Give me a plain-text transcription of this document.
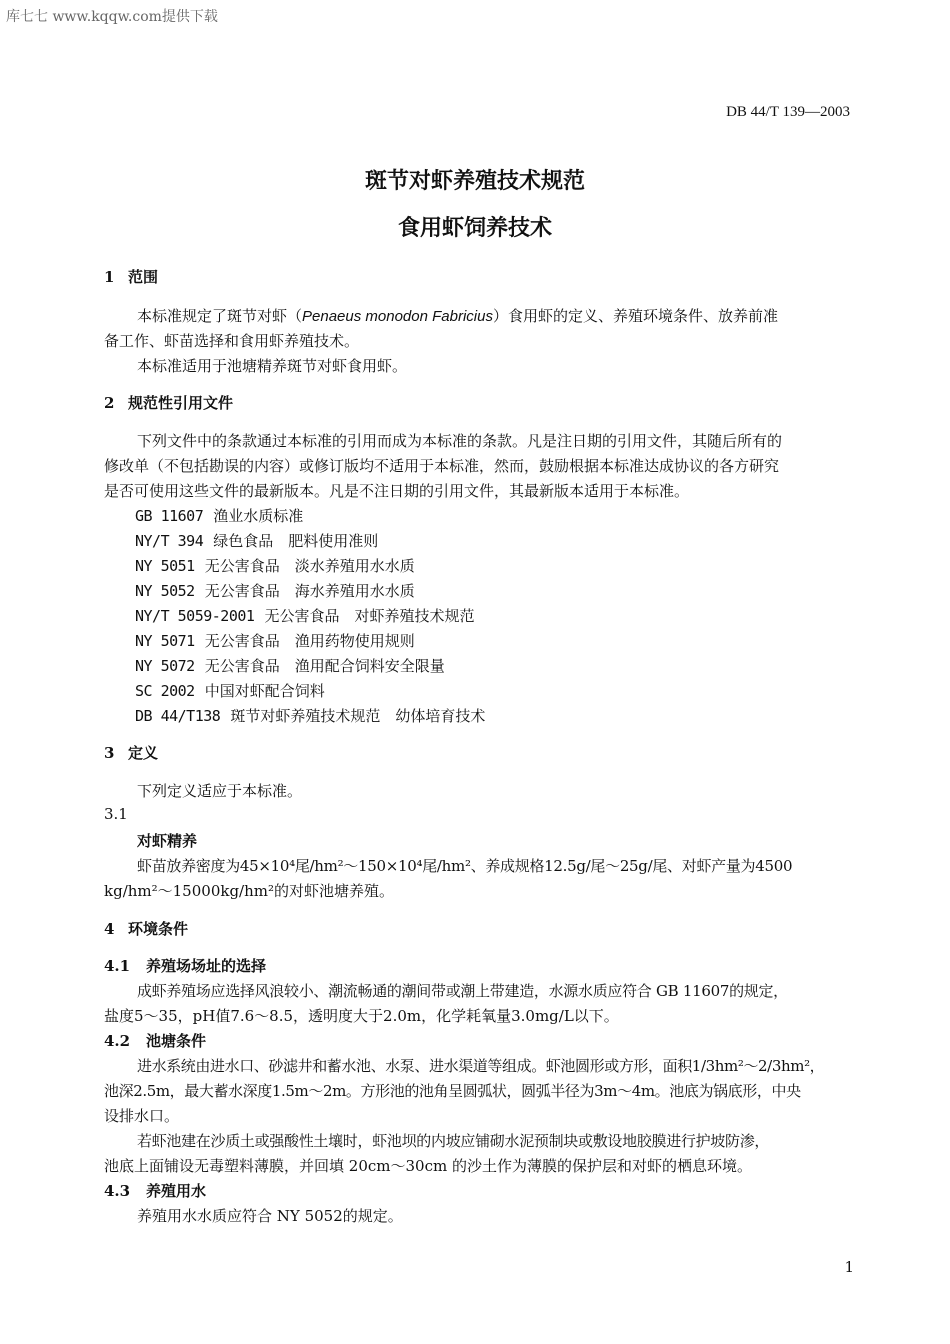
库七七 www.kqqw.com提供下载
DB 44/T 139—2003
斑节对虾养殖技术规范
食用虾饲养技术
1 范围
本标准规定了斑节对虾（Penaeus monodon Fabricius）食用虾的定义、养殖环境条件、放养前准
备工作、虾苗选择和食用虾养殖技术。
本标准适用于池塘精养斑节对虾食用虾。
2 规范性引用文件
下列文件中的条款通过本标准的引用而成为本标准的条款。凡是注日期的引用文件，其随后所有的
修改单（不包括勘误的内容）或修订版均不适用于本标准，然而，鼓励根据本标准达成协议的各方研究
是否可使用这些文件的最新版本。凡是不注日期的引用文件，其最新版本适用于本标准。
GB 11607 渔业水质标准
NY/T 394 绿色食品　肥料使用准则
NY 5051 无公害食品　淡水养殖用水水质
NY 5052 无公害食品　海水养殖用水水质
NY/T 5059-2001 无公害食品　对虾养殖技术规范
NY 5071 无公害食品　渔用药物使用规则
NY 5072 无公害食品　渔用配合饲料安全限量
SC 2002 中国对虾配合饲料
DB 44/T138 斑节对虾养殖技术规范　幼体培育技术
3 定义
下列定义适应于本标准。
3.1
对虾精养
虾苗放养密度为45×10⁴尾/hm²～150×10⁴尾/hm²、养成规格12.5g/尾～25g/尾、对虾产量为4500
kg/hm²～15000kg/hm²的对虾池塘养殖。
4 环境条件
4.1 养殖场场址的选择
成虾养殖场应选择风浪较小、潮流畅通的潮间带或潮上带建造，水源水质应符合 GB 11607的规定，
盐度5～35，pH值7.6～8.5，透明度大于2.0m，化学耗氧量3.0mg/L以下。
4.2 池塘条件
进水系统由进水口、砂滤井和蓄水池、水泵、进水渠道等组成。虾池圆形或方形，面积1/3hm²～2/3hm²，
池深2.5m，最大蓄水深度1.5m～2m。方形池的池角呈圆弧状，圆弧半径为3m～4m。池底为锅底形，中央
设排水口。
若虾池建在沙质土或强酸性土壤时，虾池坝的内坡应铺砌水泥预制块或敷设地胶膜进行护坡防渗，
池底上面铺设无毒塑料薄膜，并回填 20cm～30cm 的沙土作为薄膜的保护层和对虾的栖息环境。
4.3 养殖用水
养殖用水水质应符合 NY 5052的规定。
1
